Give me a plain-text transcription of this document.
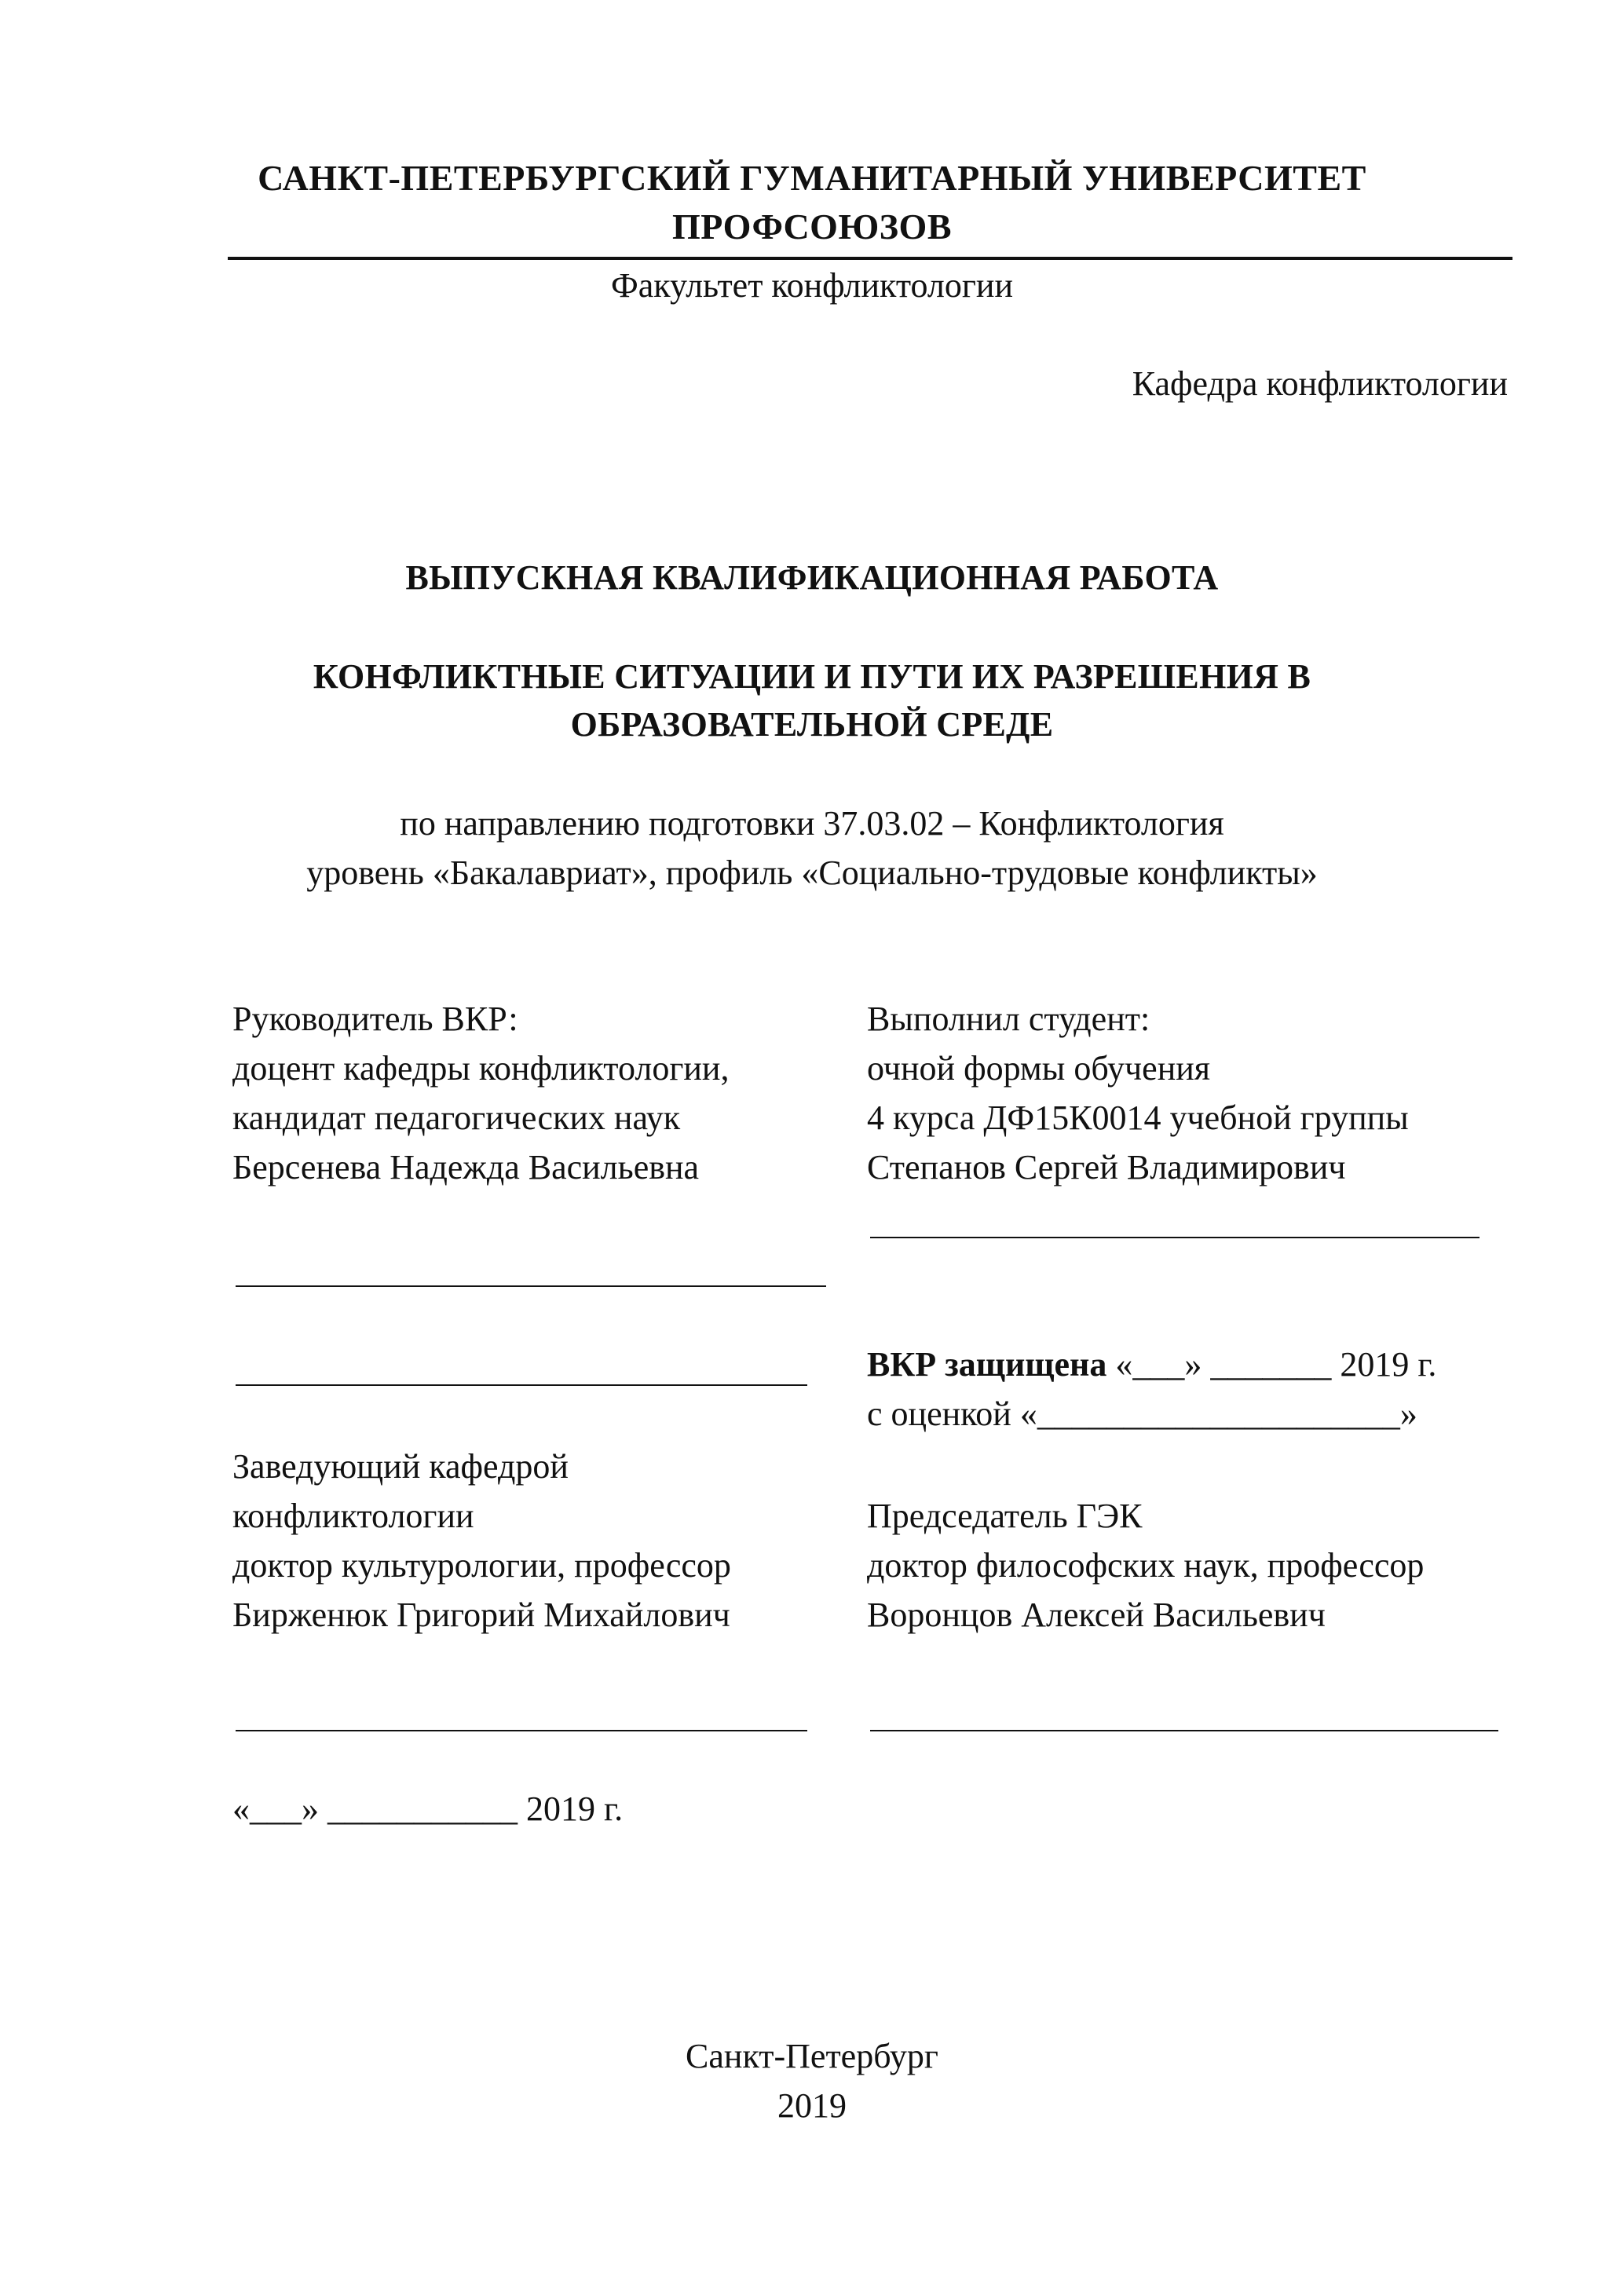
САНКТ-ПЕТЕРБУРГСКИЙ ГУМАНИТАРНЫЙ УНИВЕРСИТЕТ
ПРОФСОЮЗОВ
Факультет конфликтологии
Кафедра конфликтологии
ВЫПУСКНАЯ КВАЛИФИКАЦИОННАЯ РАБОТА
КОНФЛИКТНЫЕ СИТУАЦИИ И ПУТИ ИХ РАЗРЕШЕНИЯ В
ОБРАЗОВАТЕЛЬНОЙ СРЕДЕ
по направлению подготовки 37.03.02 – Конфликтология
уровень «Бакалавриат», профиль «Социально-трудовые конфликты»
Руководитель ВКР:
доцент кафедры конфликтологии,
кандидат педагогических наук
Берсенева Надежда Васильевна
Выполнил студент:
очной формы обучения
4 курса ДФ15К0014 учебной группы
Степанов Сергей Владимирович
ВКР защищена «___» _______ 2019 г.
с оценкой «_____________________»
Заведующий кафедрой
конфликтологии
доктор культурологии, профессор
Бирженюк Григорий Михайлович
Председатель ГЭК
доктор философских наук, профессор
Воронцов Алексей Васильевич
«___» ___________ 2019 г.
Санкт-Петербург
2019
